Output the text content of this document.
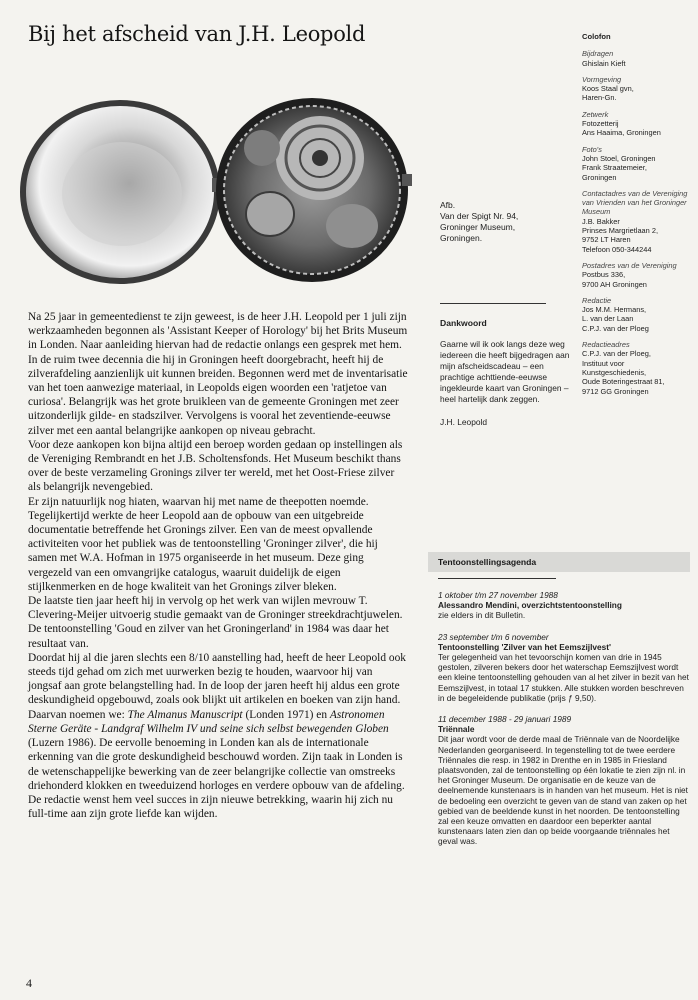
Bij het afscheid van J.H. Leopold
Afb.
Van der Spigt Nr. 94,
Groninger Museum,
Groningen.
Colofon
Bijdragen
Ghislain Kieft
Vormgeving
Koos Staal gvn,
Haren-Gn.
Zetwerk
Fotozetterij
Ans Haaima, Groningen
Foto's
John Stoel, Groningen
Frank Straatemeier,
Groningen
Contactadres van de Vereniging van Vrienden van het Groninger Museum
J.B. Bakker
Prinses Margrietlaan 2,
9752 LT Haren
Telefoon 050-344244
Postadres van de Vereniging
Postbus 336,
9700 AH Groningen
Redactie
Jos M.M. Hermans,
L. van der Laan
C.P.J. van der Ploeg
Redactieadres
C.P.J. van der Ploeg,
Instituut voor
Kunstgeschiedenis,
Oude Boteringestraat 81,
9712 GG Groningen
Dankwoord
Gaarne wil ik ook langs deze weg iedereen die heeft bijgedragen aan mijn afscheidscadeau – een prachtige achttiende-eeuwse ingekleurde kaart van Groningen – heel hartelijk dank zeggen.
J.H. Leopold

Na 25 jaar in gemeentedienst te zijn geweest, is de heer J.H. Leopold per 1 juli zijn werkzaamheden begonnen als 'Assistant Keeper of Horology' bij het Brits Museum in Londen. Naar aanleiding hiervan had de redactie onlangs een gesprek met hem.

In de ruim twee decennia die hij in Groningen heeft doorgebracht, heeft hij de zilverafdeling aanzienlijk uit kunnen breiden. Begonnen werd met de inventarisatie van het toen aanwezige materiaal, in Leopolds eigen woorden een 'ratjetoe van curiosa'. Belangrijk was het grote bruikleen van de gemeente Groningen met zeer uitzonderlijk gilde- en stadszilver. Vervolgens is vooral het zeventiende-eeuwse zilver met een aantal belangrijke aankopen op niveau gebracht.

Voor deze aankopen kon bijna altijd een beroep worden gedaan op instellingen als de Vereniging Rembrandt en het J.B. Scholtensfonds. Het Museum beschikt thans over de beste verzameling Gronings zilver ter wereld, met het Oost-Friese zilver als belangrijk nevengebied.

Er zijn natuurlijk nog hiaten, waarvan hij met name de theepotten noemde.

Tegelijkertijd werkte de heer Leopold aan de opbouw van een uitgebreide documentatie betreffende het Gronings zilver. Een van de meest opvallende activiteiten voor het publiek was de tentoonstelling 'Groninger zilver', die hij samen met W.A. Hofman in 1975 organiseerde in het museum. Deze ging vergezeld van een omvangrijke catalogus, waaruit duidelijk de eigen stijlkenmerken en de hoge kwaliteit van het Gronings zilver bleken.

De laatste tien jaar heeft hij in vervolg op het werk van wijlen mevrouw T. Clevering-Meijer uitvoerig studie gemaakt van de Groninger streekdrachtjuwelen. De tentoonstelling 'Goud en zilver van het Groningerland' in 1984 was daar het resultaat van.

Doordat hij al die jaren slechts een 8/10 aanstelling had, heeft de heer Leopold ook steeds tijd gehad om zich met uurwerken bezig te houden, waarvoor hij van jongsaf aan grote belangstelling had. In de loop der jaren heeft hij aldus een grote deskundigheid opgebouwd, zoals ook blijkt uit artikelen en boeken van zijn hand. Daarvan noemen we: The Almanus Manuscript (Londen 1971) en Astronomen Sterne Geräte - Landgraf Wilhelm IV und seine sich selbst bewegenden Globen (Luzern 1986). De eervolle benoeming in Londen kan als de internationale erkenning van die grote deskundigheid beschouwd worden. Zijn taak in Londen is de wetenschappelijke bewerking van de zeer belangrijke collectie van omstreeks driehonderd klokken en tweeduizend horloges en verdere opbouw van de afdeling. De redactie wenst hem veel succes in zijn nieuwe betrekking, waarin hij zich nu full-time aan zijn grote liefde kan wijden.

4
Tentoonstellingsagenda
1 oktober t/m 27 november 1988
Alessandro Mendini, overzichtstentoonstelling
zie elders in dit Bulletin.
23 september t/m 6 november
Tentoonstelling 'Zilver van het Eemszijlvest'
Ter gelegenheid van het tevoorschijn komen van drie in 1945 gestolen, zilveren bekers door het waterschap Eemszijlvest wordt een kleine tentoonstelling gehouden van al het zilver in bezit van het Eemszijlvest, in totaal 17 stukken. Alle stukken worden beschreven in de begeleidende publikatie (prijs ƒ 9,50).
11 december 1988 - 29 januari 1989
Triënnale
Dit jaar wordt voor de derde maal de Triënnale van de Noordelijke Nederlanden georganiseerd. In tegenstelling tot de twee eerdere Triënnales die resp. in 1982 in Drenthe en in 1985 in Friesland plaatsvonden, zal de tentoonstelling op één lokatie te zien zijn nl. in het Groninger Museum. De organisatie en de keuze van de deelnemende kunstenaars is in handen van het museum. Het is niet de bedoeling een overzicht te geven van de stand van zaken op het gebied van de beeldende kunst in het noorden. De tentoonstelling zal een keuze omvatten en daardoor een beperkter aantal kunstenaars laten zien dan op beide voorgaande triënnales het geval was.
